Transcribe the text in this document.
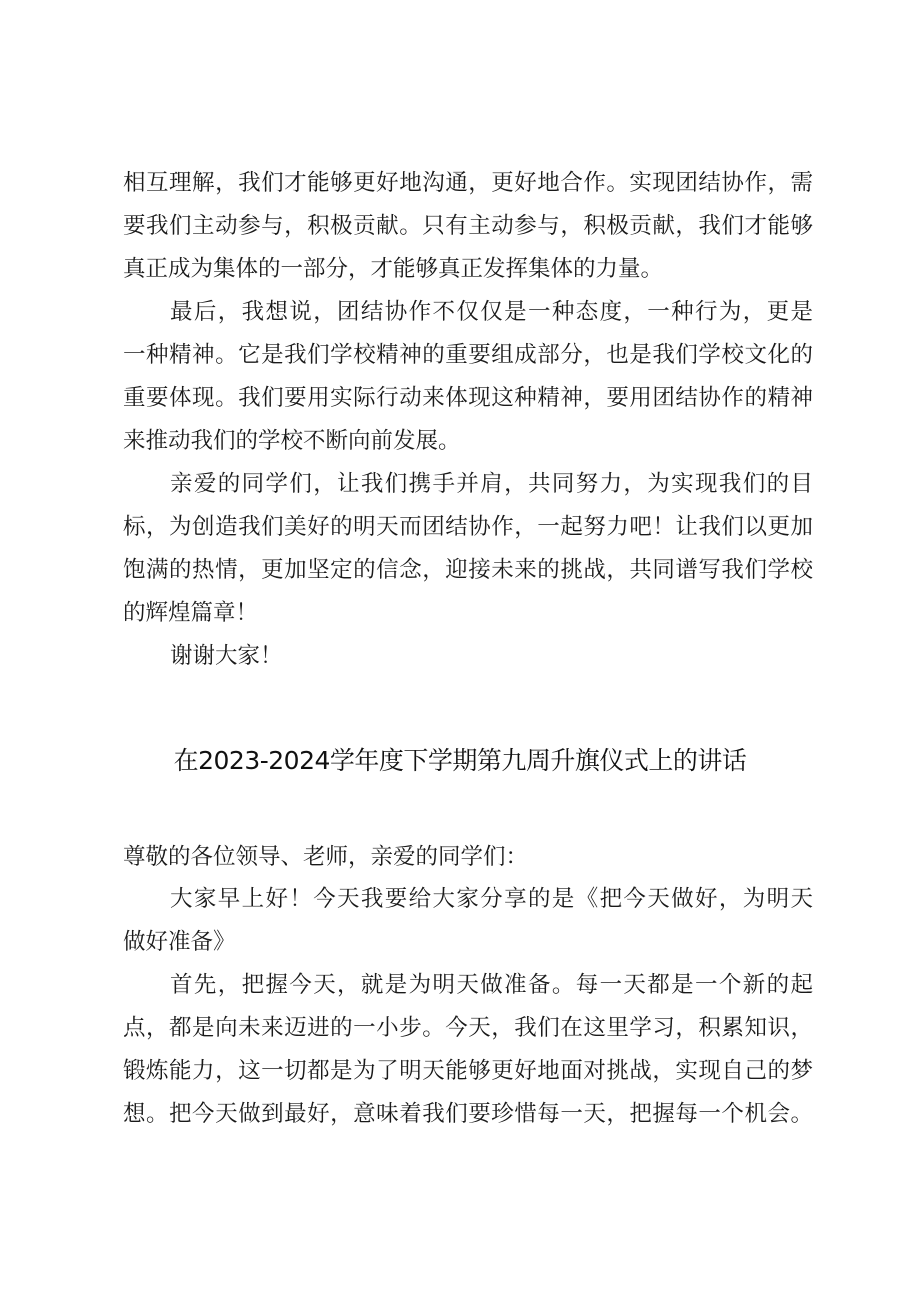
相互理解，我们才能够更好地沟通，更好地合作。实现团结协作，需
要我们主动参与，积极贡献。只有主动参与，积极贡献，我们才能够
真正成为集体的一部分，才能够真正发挥集体的力量。
最后，我想说，团结协作不仅仅是一种态度，一种行为，更是
一种精神。它是我们学校精神的重要组成部分，也是我们学校文化的
重要体现。我们要用实际行动来体现这种精神，要用团结协作的精神
来推动我们的学校不断向前发展。
亲爱的同学们，让我们携手并肩，共同努力，为实现我们的目
标，为创造我们美好的明天而团结协作，一起努力吧！让我们以更加
饱满的热情，更加坚定的信念，迎接未来的挑战，共同谱写我们学校
的辉煌篇章！
谢谢大家！
在2023-2024学年度下学期第九周升旗仪式上的讲话
尊敬的各位领导、老师，亲爱的同学们：
大家早上好！今天我要给大家分享的是《把今天做好，为明天
做好准备》
首先，把握今天，就是为明天做准备。每一天都是一个新的起
点，都是向未来迈进的一小步。今天，我们在这里学习，积累知识，
锻炼能力，这一切都是为了明天能够更好地面对挑战，实现自己的梦
想。把今天做到最好，意味着我们要珍惜每一天，把握每一个机会。
